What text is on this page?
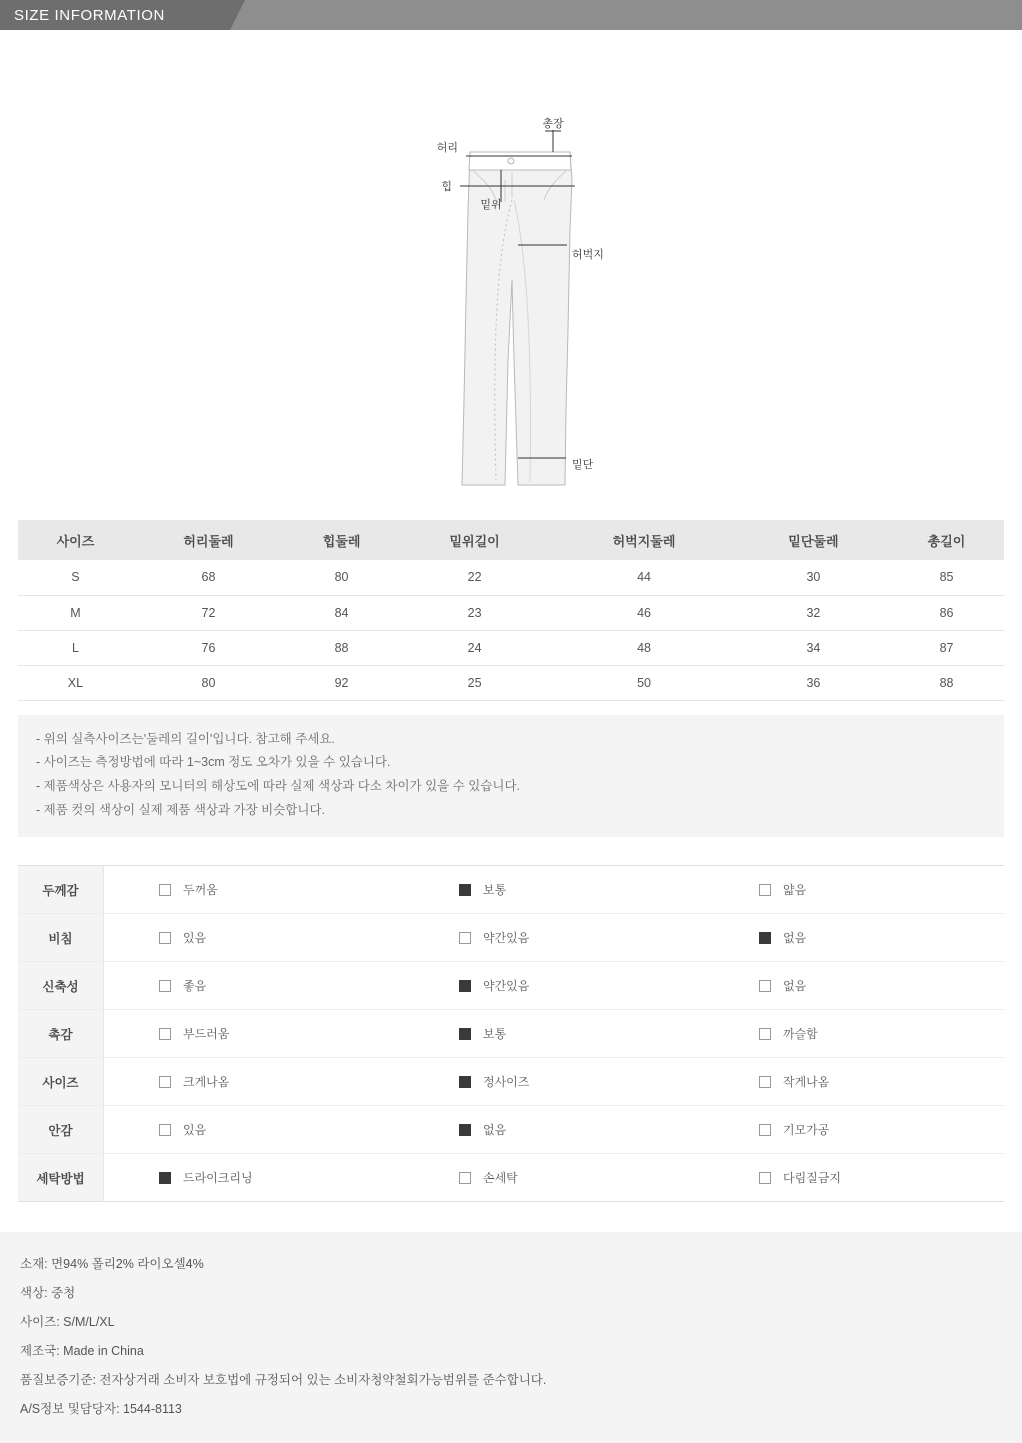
SIZE INFORMATION
총장
허리
힙
밑위
허벅지
밑단
사이즈	허리둘레	힙둘레	밑위길이	허벅지둘레	밑단둘레	총길이
S	68	80	22	44	30	85
M	72	84	23	46	32	86
L	76	88	24	48	34	87
XL	80	92	25	50	36	88

- 위의 실측사이즈는'둘레의 길이'입니다. 참고해 주세요.

- 사이즈는 측정방법에 따라 1~3cm 정도 오차가 있을 수 있습니다.

- 제품색상은 사용자의 모니터의 해상도에 따라 실제 색상과 다소 차이가 있을 수 있습니다.

- 제품 컷의 색상이 실제 제품 색상과 가장 비슷합니다.

두께감	두꺼움 보통 얇음

비침	있음 약간있음 없음

신축성	좋음 약간있음 없음

촉감	부드러움 보통 까슬함

사이즈	크게나옴 정사이즈 작게나옴

안감	있음 없음 기모가공

세탁방법	드라이크리닝 손세탁 다림질금지

소재: 면94% 폴리2% 라이오셀4%

색상: 중청

사이즈: S/M/L/XL

제조국: Made in China

품질보증기준: 전자상거래 소비자 보호법에 규정되어 있는 소비자청약철회가능범위를 준수합니다.

A/S정보 및담당자: 1544-8113
